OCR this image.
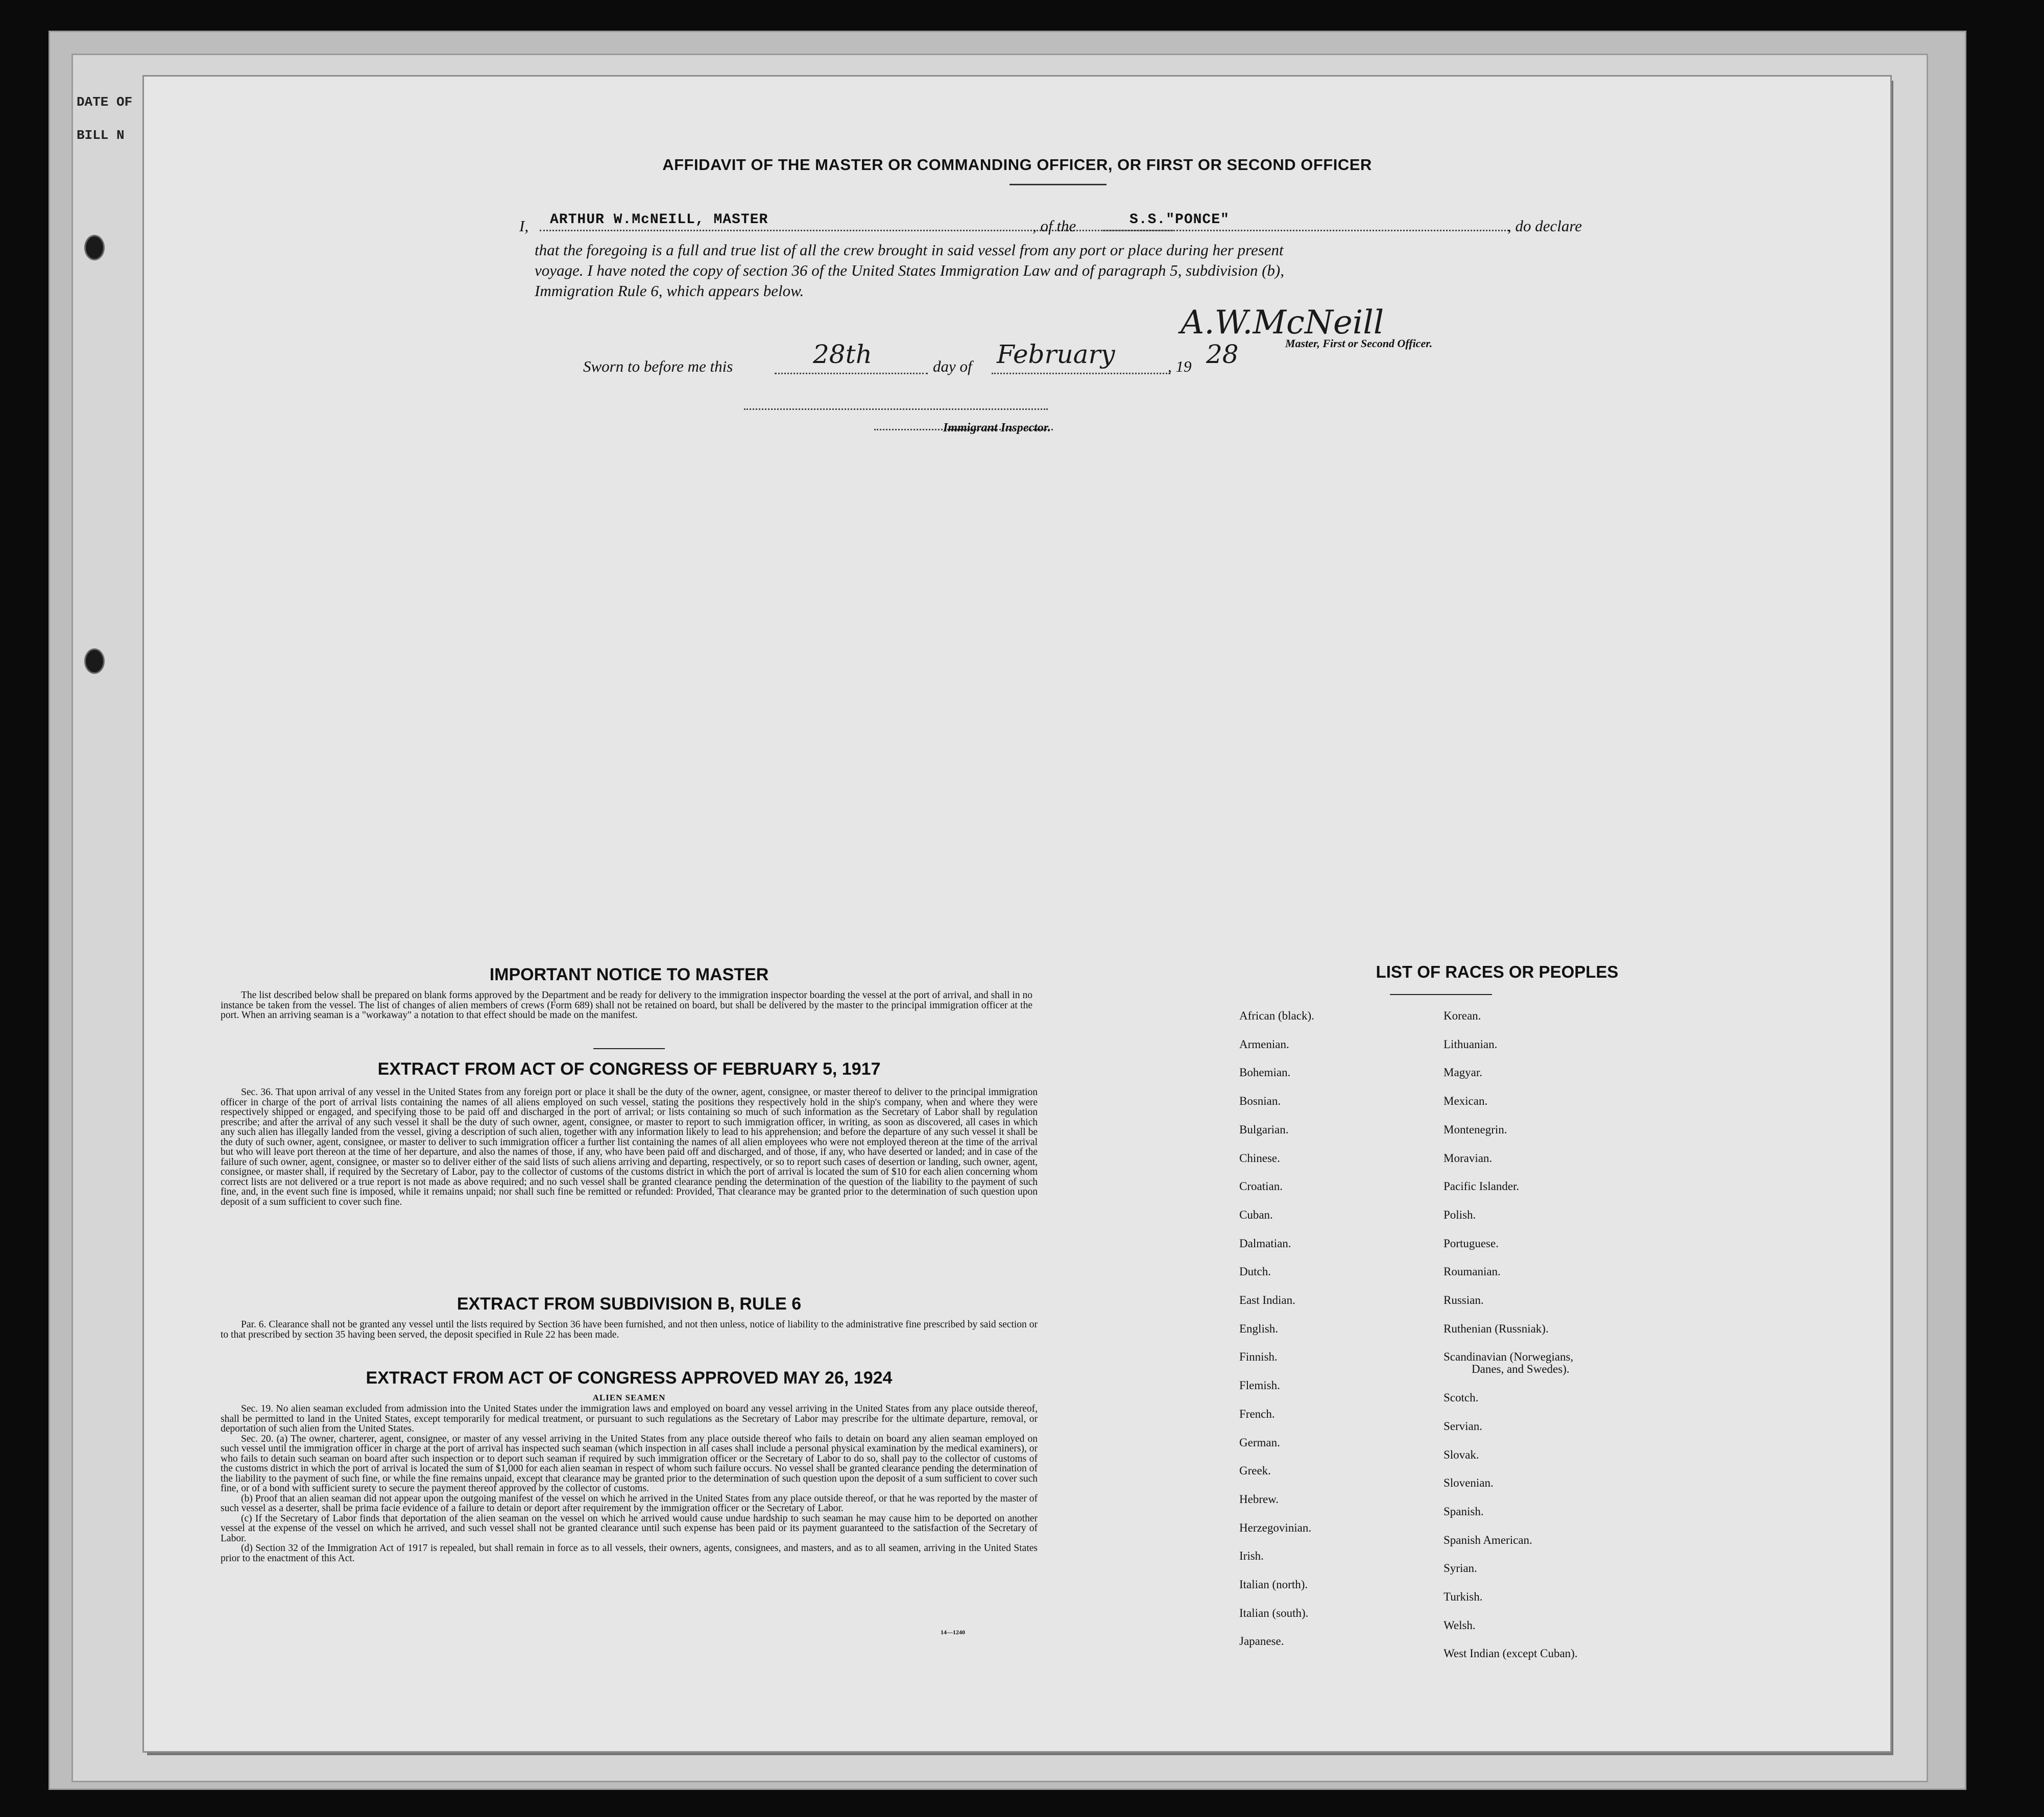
DATE OF
BILL N
AFFIDAVIT OF THE MASTER OR COMMANDING OFFICER, OR FIRST OR SECOND OFFICER
I, ARTHUR W.McNEILL, MASTER	, of the	S.S."PONCE"	, do declare
that the foregoing is a full and true list of all the crew brought in said vessel from any port or place during her present
voyage. I have noted the copy of section 36 of the United States Immigration Law and of paragraph 5, subdivision (b),
Immigration Rule 6, which appears below.
A.W.McNeill
Master, First or Second Officer.
Sworn to before me this	28th	day of February	, 19 28
Immigrant Inspector.
IMPORTANT NOTICE TO MASTER

The list described below shall be prepared on blank forms approved by the Department and be ready for delivery to the immigration inspector boarding the vessel at the port of arrival, and shall in no instance be taken from the vessel. The list of changes of alien members of crews (Form 689) shall not be retained on board, but shall be delivered by the master to the principal immigration officer at the port. When an arriving seaman is a "workaway" a notation to that effect should be made on the manifest.

EXTRACT FROM ACT OF CONGRESS OF FEBRUARY 5, 1917

Sec. 36. That upon arrival of any vessel in the United States from any foreign port or place it shall be the duty of the owner, agent, consignee, or master thereof to deliver to the principal immigration officer in charge of the port of arrival lists containing the names of all aliens employed on such vessel, stating the positions they respectively hold in the ship's company, when and where they were respectively shipped or engaged, and specifying those to be paid off and discharged in the port of arrival; or lists containing so much of such information as the Secretary of Labor shall by regulation prescribe; and after the arrival of any such vessel it shall be the duty of such owner, agent, consignee, or master to report to such immigration officer, in writing, as soon as discovered, all cases in which any such alien has illegally landed from the vessel, giving a description of such alien, together with any information likely to lead to his apprehension; and before the departure of any such vessel it shall be the duty of such owner, agent, consignee, or master to deliver to such immigration officer a further list containing the names of all alien employees who were not employed thereon at the time of the arrival but who will leave port thereon at the time of her departure, and also the names of those, if any, who have been paid off and discharged, and of those, if any, who have deserted or landed; and in case of the failure of such owner, agent, consignee, or master so to deliver either of the said lists of such aliens arriving and departing, respectively, or so to report such cases of desertion or landing, such owner, agent, consignee, or master shall, if required by the Secretary of Labor, pay to the collector of customs of the customs district in which the port of arrival is located the sum of $10 for each alien concerning whom correct lists are not delivered or a true report is not made as above required; and no such vessel shall be granted clearance pending the determination of the question of the liability to the payment of such fine, and, in the event such fine is imposed, while it remains unpaid; nor shall such fine be remitted or refunded: Provided, That clearance may be granted prior to the determination of such question upon deposit of a sum sufficient to cover such fine.

EXTRACT FROM SUBDIVISION B, RULE 6

Par. 6. Clearance shall not be granted any vessel until the lists required by Section 36 have been furnished, and not then unless, notice of liability to the administrative fine prescribed by said section or to that prescribed by section 35 having been served, the deposit specified in Rule 22 has been made.

EXTRACT FROM ACT OF CONGRESS APPROVED MAY 26, 1924
ALIEN SEAMEN

Sec. 19. No alien seaman excluded from admission into the United States under the immigration laws and employed on board any vessel arriving in the United States from any place outside thereof, shall be permitted to land in the United States, except temporarily for medical treatment, or pursuant to such regulations as the Secretary of Labor may prescribe for the ultimate departure, removal, or deportation of such alien from the United States.

Sec. 20. (a) The owner, charterer, agent, consignee, or master of any vessel arriving in the United States from any place outside thereof who fails to detain on board any alien seaman employed on such vessel until the immigration officer in charge at the port of arrival has inspected such seaman (which inspection in all cases shall include a personal physical examination by the medical examiners), or who fails to detain such seaman on board after such inspection or to deport such seaman if required by such immigration officer or the Secretary of Labor to do so, shall pay to the collector of customs of the customs district in which the port of arrival is located the sum of $1,000 for each alien seaman in respect of whom such failure occurs. No vessel shall be granted clearance pending the determination of the liability to the payment of such fine, or while the fine remains unpaid, except that clearance may be granted prior to the determination of such question upon the deposit of a sum sufficient to cover such fine, or of a bond with sufficient surety to secure the payment thereof approved by the collector of customs.

(b) Proof that an alien seaman did not appear upon the outgoing manifest of the vessel on which he arrived in the United States from any place outside thereof, or that he was reported by the master of such vessel as a deserter, shall be prima facie evidence of a failure to detain or deport after requirement by the immigration officer or the Secretary of Labor.

(c) If the Secretary of Labor finds that deportation of the alien seaman on the vessel on which he arrived would cause undue hardship to such seaman he may cause him to be deported on another vessel at the expense of the vessel on which he arrived, and such vessel shall not be granted clearance until such expense has been paid or its payment guaranteed to the satisfaction of the Secretary of Labor.

(d) Section 32 of the Immigration Act of 1917 is repealed, but shall remain in force as to all vessels, their owners, agents, consignees, and masters, and as to all seamen, arriving in the United States prior to the enactment of this Act.

14—1240
LIST OF RACES OR PEOPLES
African (black).
Armenian.
Bohemian.
Bosnian.
Bulgarian.
Chinese.
Croatian.
Cuban.
Dalmatian.
Dutch.
East Indian.
English.
Finnish.
Flemish.
French.
German.
Greek.
Hebrew.
Herzegovinian.
Irish.
Italian (north).
Italian (south).
Japanese.
Korean.
Lithuanian.
Magyar.
Mexican.
Montenegrin.
Moravian.
Pacific Islander.
Polish.
Portuguese.
Roumanian.
Russian.
Ruthenian (Russniak).
Scandinavian (Norwegians,
Danes, and Swedes).
Scotch.
Servian.
Slovak.
Slovenian.
Spanish.
Spanish American.
Syrian.
Turkish.
Welsh.
West Indian (except Cuban).
